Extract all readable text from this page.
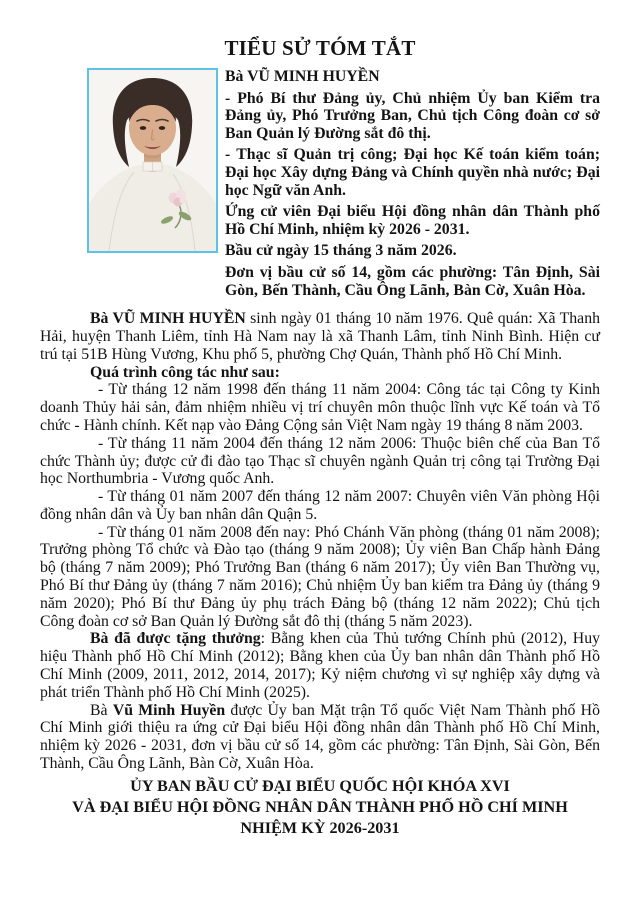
TIỂU SỬ TÓM TẮT

Bà VŨ MINH HUYỀN

- Phó Bí thư Đảng ủy, Chủ nhiệm Ủy ban Kiểm tra Đảng ủy, Phó Trưởng Ban, Chủ tịch Công đoàn cơ sở Ban Quản lý Đường sắt đô thị.

- Thạc sĩ Quản trị công; Đại học Kế toán kiểm toán; Đại học Xây dựng Đảng và Chính quyền nhà nước; Đại học Ngữ văn Anh.

Ứng cử viên Đại biểu Hội đồng nhân dân Thành phố Hồ Chí Minh, nhiệm kỳ 2026 - 2031.

Bầu cử ngày 15 tháng 3 năm 2026.

Đơn vị bầu cử số 14, gồm các phường: Tân Định, Sài Gòn, Bến Thành, Cầu Ông Lãnh, Bàn Cờ, Xuân Hòa.

Bà VŨ MINH HUYỀN sinh ngày 01 tháng 10 năm 1976. Quê quán: Xã Thanh Hải, huyện Thanh Liêm, tỉnh Hà Nam nay là xã Thanh Lâm, tỉnh Ninh Bình. Hiện cư trú tại 51B Hùng Vương, Khu phố 5, phường Chợ Quán, Thành phố Hồ Chí Minh.

Quá trình công tác như sau:

- Từ tháng 12 năm 1998 đến tháng 11 năm 2004: Công tác tại Công ty Kinh doanh Thủy hải sản, đảm nhiệm nhiều vị trí chuyên môn thuộc lĩnh vực Kế toán và Tổ chức - Hành chính. Kết nạp vào Đảng Cộng sản Việt Nam ngày 19 tháng 8 năm 2003.

- Từ tháng 11 năm 2004 đến tháng 12 năm 2006: Thuộc biên chế của Ban Tổ chức Thành ủy; được cử đi đào tạo Thạc sĩ chuyên ngành Quản trị công tại Trường Đại học Northumbria - Vương quốc Anh.

- Từ tháng 01 năm 2007 đến tháng 12 năm 2007: Chuyên viên Văn phòng Hội đồng nhân dân và Ủy ban nhân dân Quận 5.

- Từ tháng 01 năm 2008 đến nay: Phó Chánh Văn phòng (tháng 01 năm 2008); Trưởng phòng Tổ chức và Đào tạo (tháng 9 năm 2008); Ủy viên Ban Chấp hành Đảng bộ (tháng 7 năm 2009); Phó Trưởng Ban (tháng 6 năm 2017); Ủy viên Ban Thường vụ, Phó Bí thư Đảng ủy (tháng 7 năm 2016); Chủ nhiệm Ủy ban kiểm tra Đảng ủy (tháng 9 năm 2020); Phó Bí thư Đảng ủy phụ trách Đảng bộ (tháng 12 năm 2022); Chủ tịch Công đoàn cơ sở Ban Quản lý Đường sắt đô thị (tháng 5 năm 2023).

Bà đã được tặng thưởng: Bằng khen của Thủ tướng Chính phủ (2012), Huy hiệu Thành phố Hồ Chí Minh (2012); Bằng khen của Ủy ban nhân dân Thành phố Hồ Chí Minh (2009, 2011, 2012, 2014, 2017); Kỷ niệm chương vì sự nghiệp xây dựng và phát triển Thành phố Hồ Chí Minh (2025).

Bà Vũ Minh Huyền được Ủy ban Mặt trận Tổ quốc Việt Nam Thành phố Hồ Chí Minh giới thiệu ra ứng cử Đại biểu Hội đồng nhân dân Thành phố Hồ Chí Minh, nhiệm kỳ 2026 - 2031, đơn vị bầu cử số 14, gồm các phường: Tân Định, Sài Gòn, Bến Thành, Cầu Ông Lãnh, Bàn Cờ, Xuân Hòa.

ỦY BAN BẦU CỬ ĐẠI BIỂU QUỐC HỘI KHÓA XVI
VÀ ĐẠI BIỂU HỘI ĐỒNG NHÂN DÂN THÀNH PHỐ HỒ CHÍ MINH
NHIỆM KỲ 2026-2031
